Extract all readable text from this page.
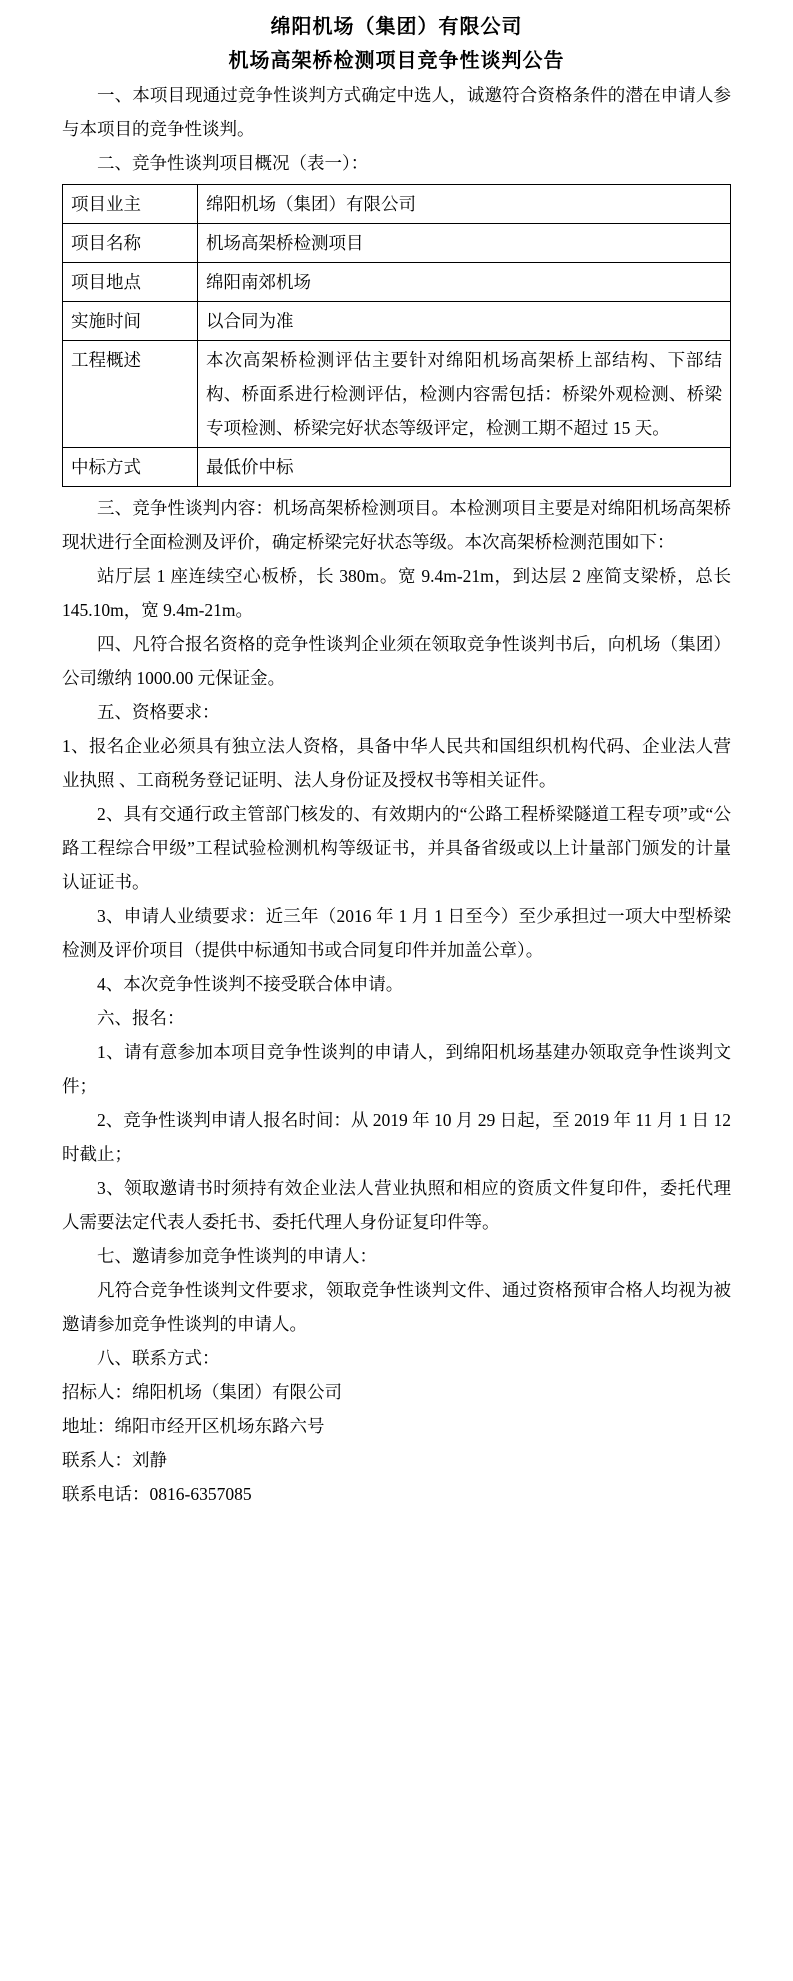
绵阳机场（集团）有限公司
机场高架桥检测项目竞争性谈判公告

一、本项目现通过竞争性谈判方式确定中选人，诚邀符合资格条件的潜在申请人参与本项目的竞争性谈判。

二、竞争性谈判项目概况（表一）：

项目业主	绵阳机场（集团）有限公司
项目名称	机场高架桥检测项目
项目地点	绵阳南郊机场
实施时间	以合同为准
工程概述	本次高架桥检测评估主要针对绵阳机场高架桥上部结构、下部结构、桥面系进行检测评估，检测内容需包括：桥梁外观检测、桥梁专项检测、桥梁完好状态等级评定，检测工期不超过 15 天。
中标方式	最低价中标

三、竞争性谈判内容：机场高架桥检测项目。本检测项目主要是对绵阳机场高架桥现状进行全面检测及评价，确定桥梁完好状态等级。本次高架桥检测范围如下：

站厅层 1 座连续空心板桥，长 380m。宽 9.4m-21m，到达层 2 座简支梁桥，总长 145.10m，宽 9.4m-21m。

四、凡符合报名资格的竞争性谈判企业须在领取竞争性谈判书后，向机场（集团）公司缴纳 1000.00 元保证金。

五、资格要求：

1、报名企业必须具有独立法人资格，具备中华人民共和国组织机构代码、企业法人营业执照 、工商税务登记证明、法人身份证及授权书等相关证件。

2、具有交通行政主管部门核发的、有效期内的“公路工程桥梁隧道工程专项”或“公路工程综合甲级”工程试验检测机构等级证书，并具备省级或以上计量部门颁发的计量认证证书。

3、申请人业绩要求：近三年（2016 年 1 月 1 日至今）至少承担过一项大中型桥梁检测及评价项目（提供中标通知书或合同复印件并加盖公章）。

4、本次竞争性谈判不接受联合体申请。

六、报名：

1、请有意参加本项目竞争性谈判的申请人，到绵阳机场基建办领取竞争性谈判文件；

2、竞争性谈判申请人报名时间：从 2019 年 10 月 29 日起，至 2019 年 11 月 1 日 12 时截止；

3、领取邀请书时须持有效企业法人营业执照和相应的资质文件复印件，委托代理人需要法定代表人委托书、委托代理人身份证复印件等。

七、邀请参加竞争性谈判的申请人：

凡符合竞争性谈判文件要求，领取竞争性谈判文件、通过资格预审合格人均视为被邀请参加竞争性谈判的申请人。

八、联系方式：

招标人：绵阳机场（集团）有限公司

地址：绵阳市经开区机场东路六号

联系人：刘静

联系电话：0816-6357085
